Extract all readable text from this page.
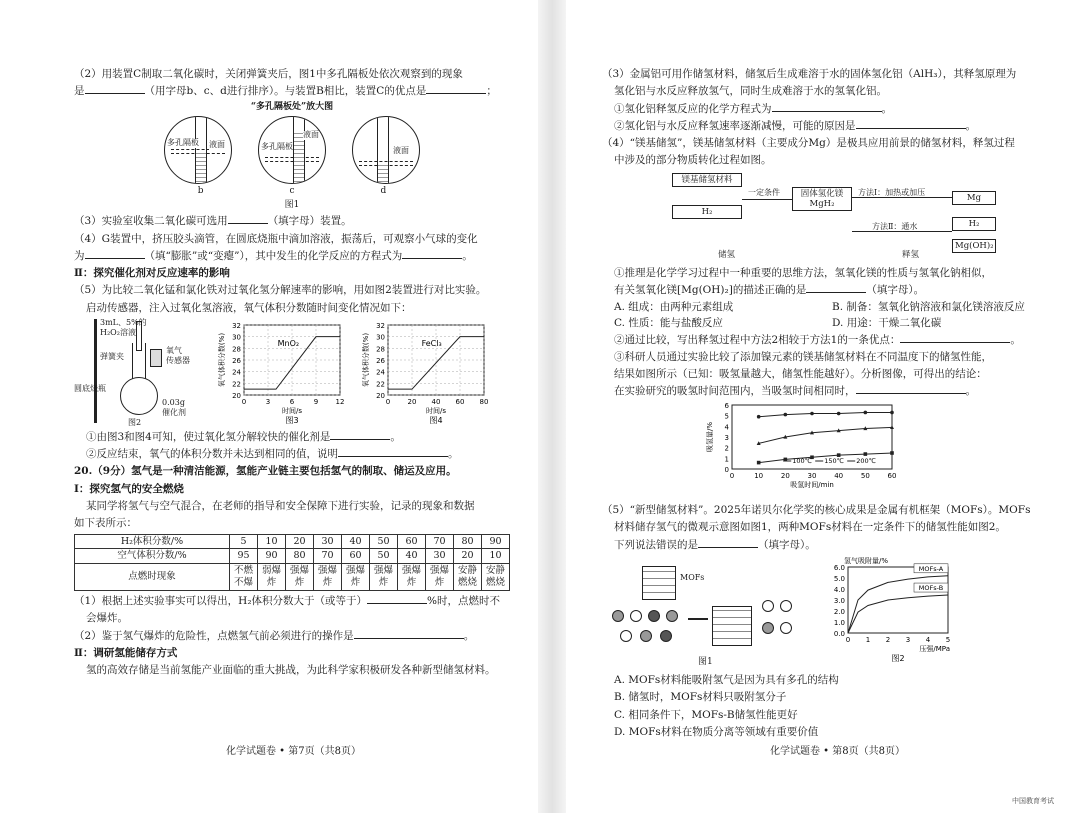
（2）用装置C制取二氧化碳时，关闭弹簧夹后，图1中多孔隔板处依次观察到的现象

是	（用字母b、c、d进行排序）。与装置B相比，装置C的优点是	；

“多孔隔板处”放大图
多孔隔板 液面	多孔隔板
液面
液面
b	c	d
图1

（3）实验室收集二氧化碳可选用	（填字母）装置。

（4）G装置中，挤压胶头滴管，在圆底烧瓶中滴加溶液，振荡后，可观察小气球的变化

为	（填“膨胀”或“变瘪”），其中发生的化学反应的方程式为	。

Ⅱ：探究催化剂对反应速率的影响

（5）为比较二氧化锰和氯化铁对过氧化氢分解速率的影响，用如图2装置进行对比实验。

启动传感器，注入过氧化氢溶液，氧气体积分数随时间变化情况如下：

3mL、5%的
H₂O₂溶液
弹簧夹
氧气
传感器
圆底烧瓶
0.03g
催化剂
图2
20
22
24
26
28
30
32
0	3	6	9 12
时间/s
氧气体积分数(%)	MnO₂
图3
20
22
24
26
28
30
32
0 20 40 60 80
时间/s
氧气体积分数(%)	FeCl₃
图4

①由图3和图4可知，使过氧化氢分解较快的催化剂是	。

②反应结束，氧气的体积分数并未达到相同的值，说明	。

20.（9分）氢气是一种清洁能源，氢能产业链主要包括氢气的制取、储运及应用。

Ⅰ：探究氢气的安全燃烧

某同学将氢气与空气混合，在老师的指导和安全保障下进行实验，记录的现象和数据

如下表所示：

H₂体积分数/%	5	10	20	30	40	50	60	70	80	90
空气体积分数/%	95	90	80	70	60	50	40	30	20	10
点燃时现象	不燃不爆	弱爆炸	强爆炸	强爆炸	强爆炸	强爆炸	强爆炸	强爆炸	安静燃烧	安静燃烧

（1）根据上述实验事实可以得出，H₂体积分数大于（或等于）	%时，点燃时不

会爆炸。

（2）鉴于氢气爆炸的危险性，点燃氢气前必须进行的操作是	。

Ⅱ：调研氢能储存方式

氢的高效存储是当前氢能产业面临的重大挑战，为此科学家积极研发各种新型储氢材料。

化学试题卷 • 第7页（共8页）

（3）金属铝可用作储氢材料，储氢后生成难溶于水的固体氢化铝（AlH₃），其释氢原理为

氢化铝与水反应释放氢气，同时生成难溶于水的氢氧化铝。

①氢化铝释氢反应的化学方程式为	。

②氢化铝与水反应释氢速率逐渐减慢，可能的原因是	。

（4）“镁基储氢”，镁基储氢材料（主要成分Mg）是极具应用前景的储氢材料，释氢过程

中涉及的部分物质转化过程如图。

镁基储氢材料
H₂
一定条件	固体氢化镁 MgH₂
方法Ⅰ：加热或加压
方法Ⅱ：通水
Mg
H₂
Mg(OH)₂
储氢	释氢

①推理是化学学习过程中一种重要的思维方法，氢氧化镁的性质与氢氧化钠相似，

有关氢氧化镁[Mg(OH)₂]的描述正确的是	（填字母）。

A. 组成：由两种元素组成	B. 制备：氢氧化钠溶液和氯化镁溶液反应
C. 性质：能与盐酸反应	D. 用途：干燥二氧化碳

②通过比较，写出释氢过程中方法2相较于方法1的一条优点：	。

③科研人员通过实验比较了添加镍元素的镁基储氢材料在不同温度下的储氢性能，

结果如图所示（已知：吸氢量越大，储氢性能越好）。分析图像，可得出的结论：

在实验研究的吸氢时间范围内，当吸氢时间相同时，	。

0
1
2
3
4
5
6
0	10	20	30	40	50	60
吸氢时间/min
吸氢量/%
100℃ 150℃ 200℃

（5）“新型储氢材料”。2025年诺贝尔化学奖的核心成果是金属有机框架（MOFs）。MOFs

材料储存氢气的微观示意图如图1，两种MOFs材料在一定条件下的储氢性能如图2。

下列说法错误的是	（填字母）。

MOFs
图1
0.0
1.0
2.0
3.0
4.0
5.0
6.0
0 1 2 3 4 5
压强/MPa
氢气吸附量/%
MOFs-A
MOFs-B
图2

A. MOFs材料能吸附氢气是因为具有多孔的结构

B. 储氢时，MOFs材料只吸附氢分子

C. 相同条件下，MOFs-B储氢性能更好

D. MOFs材料在物质分离等领域有重要价值

化学试题卷 • 第8页（共8页）
中国教育考试
